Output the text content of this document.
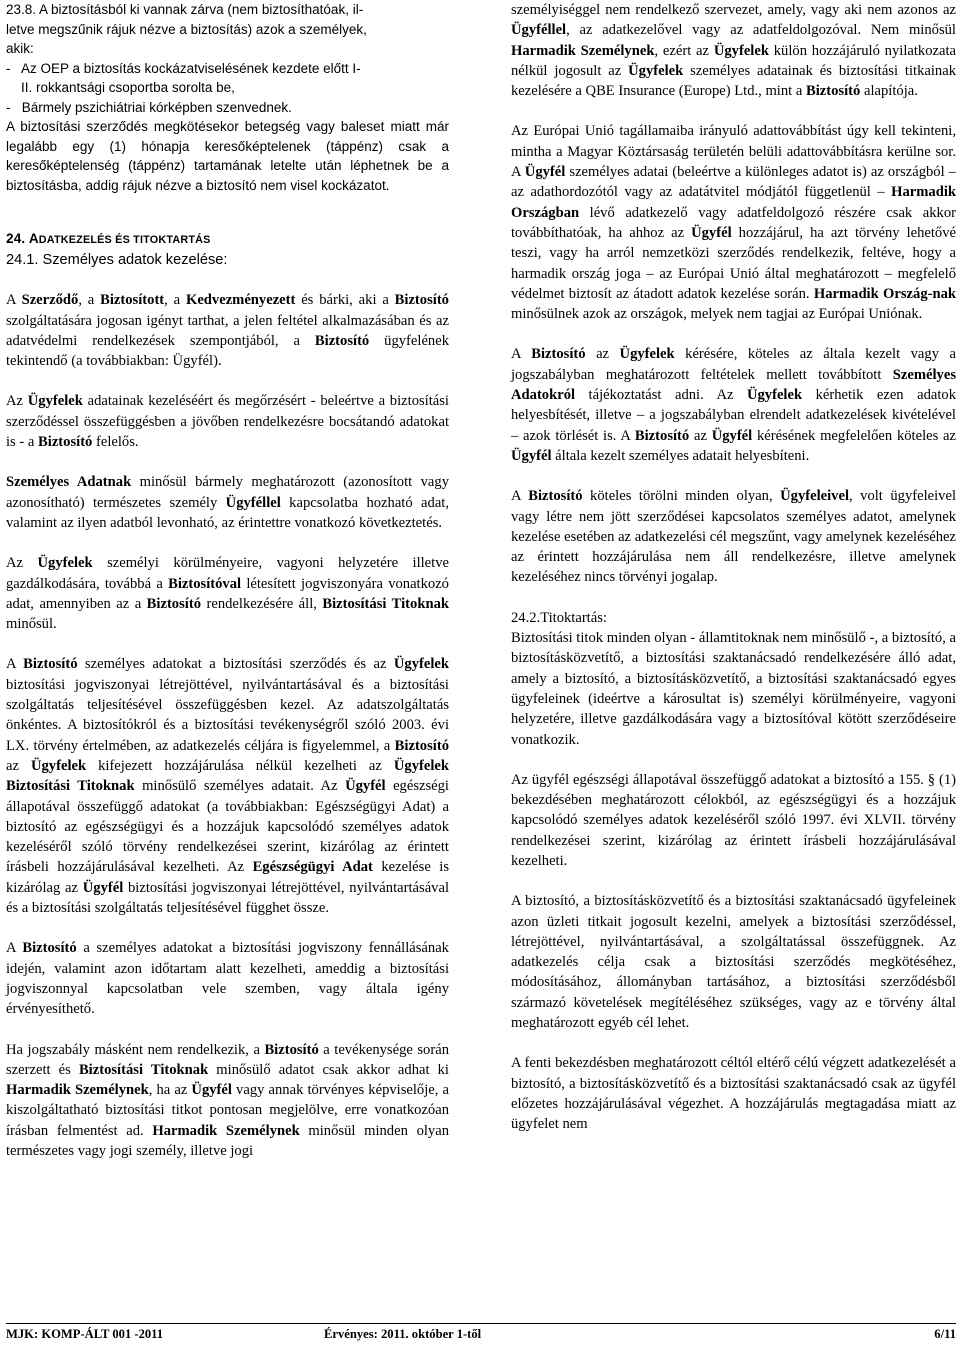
23.8. A biztosításból ki vannak zárva (nem biztosíthatóak, il-
letve megszűnik rájuk nézve a biztosítás) azok a személyek,
akik:
-   Az OEP a biztosítás kockázatviselésének kezdete előtt I-
II. rokkantsági csoportba sorolta be,
-   Bármely pszichiátriai kórképben szenvednek.

A biztosítási szerződés megkötésekor betegség vagy baleset miatt már legalább egy (1) hónapja keresőképtelenek (táppénz) csak a keresőképtelenség (táppénz) tartamának letelte után léphetnek be a biztosításba, addig rájuk nézve a biztosító nem visel kockázatot.

24. ADATKEZELÉS ÉS TITOKTARTÁS
24.1. Személyes adatok kezelése:

A Szerződő, a Biztosított, a Kedvezményezett és bárki, aki a Biztosító szolgáltatására jogosan igényt tarthat, a jelen feltétel alkalmazásában és az adatvédelmi rendelkezések szempontjából, a Biztosító ügyfelének tekintendő (a továbbiakban: Ügyfél).

Az Ügyfelek adatainak kezeléséért és megőrzésért - beleértve a biztosítási szerződéssel összefüggésben a jövőben rendelkezésre bocsátandó adatokat is - a Biztosító felelős.

Személyes Adatnak minősül bármely meghatározott (azonosított vagy azonosítható) természetes személy Ügyféllel kapcsolatba hozható adat, valamint az ilyen adatból levonható, az érintettre vonatkozó következtetés.

Az Ügyfelek személyi körülményeire, vagyoni helyzetére illetve gazdálkodására, továbbá a Biztosítóval létesített jogviszonyára vonatkozó adat, amennyiben az a Biztosító rendelkezésére áll, Biztosítási Titoknak minősül.

A Biztosító személyes adatokat a biztosítási szerződés és az Ügyfelek biztosítási jogviszonyai létrejöttével, nyilvántartásával és a biztosítási szolgáltatás teljesítésével összefüggésben kezel. Az adatszolgáltatás önkéntes. A biztosítókról és a biztosítási tevékenységről szóló 2003. évi LX. törvény értelmében, az adatkezelés céljára is figyelemmel, a Biztosító az Ügyfelek kifejezett hozzájárulása nélkül kezelheti az Ügyfelek Biztosítási Titoknak minősülő személyes adatait. Az Ügyfél egészségi állapotával összefüggő adatokat (a továbbiakban: Egészségügyi Adat) a biztosító az egészségügyi és a hozzájuk kapcsolódó személyes adatok kezeléséről szóló törvény rendelkezései szerint, kizárólag az érintett írásbeli hozzájárulásával kezelheti. Az Egészségügyi Adat kezelése is kizárólag az Ügyfél biztosítási jogviszonyai létrejöttével, nyilvántartásával és a biztosítási szolgáltatás teljesítésével függhet össze.

A Biztosító a személyes adatokat a biztosítási jogviszony fennállásának idején, valamint azon időtartam alatt kezelheti, ameddig a biztosítási jogviszonnyal kapcsolatban vele szemben, vagy általa igény érvényesíthető.

Ha jogszabály másként nem rendelkezik, a Biztosító a tevékenysége során szerzett és Biztosítási Titoknak minősülő adatot csak akkor adhat ki Harmadik Személynek, ha az Ügyfél vagy annak törvényes képviselője, a kiszolgáltatható biztosítási titkot pontosan megjelölve, erre vonatkozóan írásban felmentést ad. Harmadik Személynek minősül minden olyan természetes vagy jogi személy, illetve jogi

személyiséggel nem rendelkező szervezet, amely, vagy aki nem azonos az Ügyféllel, az adatkezelővel vagy az adatfeldolgozóval. Nem minősül Harmadik Személynek, ezért az Ügyfelek külön hozzájáruló nyilatkozata nélkül jogosult az Ügyfelek személyes adatainak és biztosítási titkainak kezelésére a QBE Insurance (Europe) Ltd., mint a Biztosító alapítója.

Az Európai Unió tagállamaiba irányuló adattovábbítást úgy kell tekinteni, mintha a Magyar Köztársaság területén belüli adattovábbításra kerülne sor. A Ügyfél személyes adatai (beleértve a különleges adatot is) az országból – az adathordozótól vagy az adatátvitel módjától függetlenül – Harmadik Országban lévő adatkezelő vagy adatfeldolgozó részére csak akkor továbbíthatóak, ha ahhoz az Ügyfél hozzájárul, ha azt törvény lehetővé teszi, vagy ha arról nemzetközi szerződés rendelkezik, feltéve, hogy a harmadik ország joga – az Európai Unió által meghatározott – megfelelő védelmet biztosít az átadott adatok kezelése során. Harmadik Ország-nak minősülnek azok az országok, melyek nem tagjai az Európai Uniónak.

A Biztosító az Ügyfelek kérésére, köteles az általa kezelt vagy a jogszabályban meghatározott feltételek mellett továbbított Személyes Adatokról tájékoztatást adni. Az Ügyfelek kérhetik ezen adatok helyesbítését, illetve – a jogszabályban elrendelt adatkezelések kivételével – azok törlését is. A Biztosító az Ügyfél kérésének megfelelően köteles az Ügyfél általa kezelt személyes adatait helyesbíteni.

A Biztosító köteles törölni minden olyan, Ügyfeleivel, volt ügyfeleivel vagy létre nem jött szerződései kapcsolatos személyes adatot, amelynek kezelése esetében az adatkezelési cél megszűnt, vagy amelynek kezeléséhez az érintett hozzájárulása nem áll rendelkezésre, illetve amelynek kezeléséhez nincs törvényi jogalap.

24.2.Titoktartás:

Biztosítási titok minden olyan - államtitoknak nem minősülő -, a biztosító, a biztosításközvetítő, a biztosítási szaktanácsadó rendelkezésére álló adat, amely a biztosító, a biztosításközvetítő, a biztosítási szaktanácsadó egyes ügyfeleinek (ideértve a károsultat is) személyi körülményeire, vagyoni helyzetére, illetve gazdálkodására vagy a biztosítóval kötött szerződéseire vonatkozik.

Az ügyfél egészségi állapotával összefüggő adatokat a biztosító a 155. § (1) bekezdésében meghatározott célokból, az egészségügyi és a hozzájuk kapcsolódó személyes adatok kezeléséről szóló 1997. évi XLVII. törvény rendelkezései szerint, kizárólag az érintett írásbeli hozzájárulásával kezelheti.

A biztosító, a biztosításközvetítő és a biztosítási szaktanácsadó ügyfeleinek azon üzleti titkait jogosult kezelni, amelyek a biztosítási szerződéssel, létrejöttével, nyilvántartásával, a szolgáltatással összefüggnek. Az adatkezelés célja csak a biztosítási szerződés megkötéséhez, módosításához, állományban tartásához, a biztosítási szerződésből származó követelések megítéléséhez szükséges, vagy az e törvény által meghatározott egyéb cél lehet.

A fenti bekezdésben meghatározott céltól eltérő célú végzett adatkezelését a biztosító, a biztosításközvetítő és a biztosítási szaktanácsadó csak az ügyfél előzetes hozzájárulásával végezhet. A hozzájárulás megtagadása miatt az ügyfelet nem

MJK: KOMP-ÁLT 001 -2011	Érvényes: 2011. október 1-től	6/11
